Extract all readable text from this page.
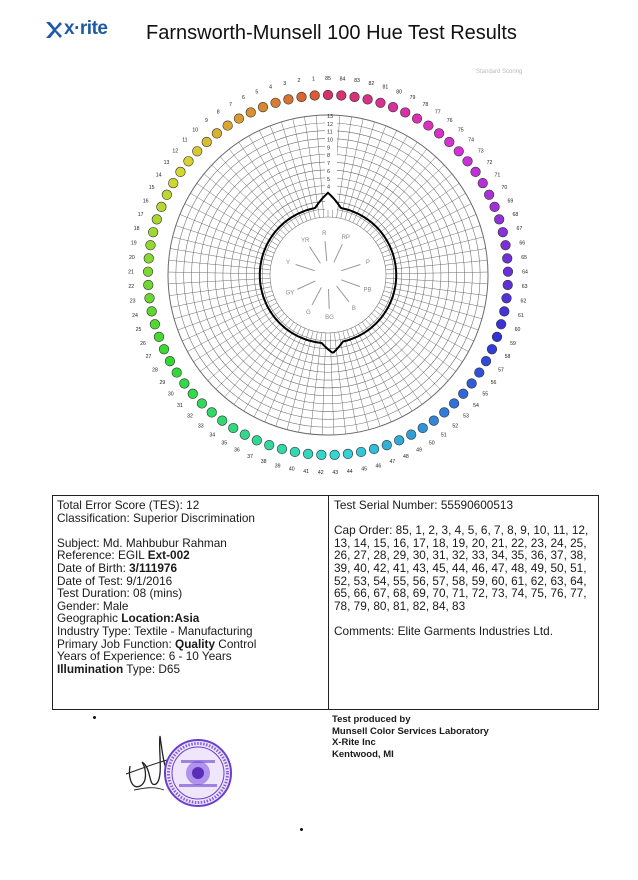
x·rite Farnsworth-Munsell 100 Hue Test Results
Standard Scoring
13
12
11
10
9
8
7
6
5
4
R
RP
P
PB
B
BG
G
GY
Y
YR
85 84 83 82
81
80
79
78
77
76
75
74
73
72
71
70
69
68
67
66
65
64
63
62
61
60
59
58
57
56
55
54
53
52
51
50
49
48
47
46
45
44
43
42
41
40
39
38
37
36
35
34
33
32
31
30
29
28
27
26
25
24
23
22
21
20
19
18
17
16
15
14
13
12
11
10
9
8
7
6
5
4
3 2 1
Total Error Score (TES): 12
Classification: Superior Discrimination
Subject: Md. Mahbubur Rahman
Reference: EGIL Ext-002
Date of Birth: 3/111976
Date of Test: 9/1/2016
Test Duration: 08 (mins)
Gender: Male
Geographic Location:Asia
Industry Type: Textile - Manufacturing
Primary Job Function: Quality Control
Years of Experience: 6 - 10 Years
Illumination Type: D65
Test Serial Number: 55590600513
Cap Order: 85, 1, 2, 3, 4, 5, 6, 7, 8, 9, 10, 11, 12, 13, 14, 15, 16, 17, 18, 19, 20, 21, 22, 23, 24, 25, 26, 27, 28, 29, 30, 31, 32, 33, 34, 35, 36, 37, 38, 39, 40, 42, 41, 43, 45, 44, 46, 47, 48, 49, 50, 51, 52, 53, 54, 55, 56, 57, 58, 59, 60, 61, 62, 63, 64, 65, 66, 67, 68, 69, 70, 71, 72, 73, 74, 75, 76, 77, 78, 79, 80, 81, 82, 84, 83
Comments: Elite Garments Industries Ltd.
Test produced by
Munsell Color Services Laboratory
X-Rite Inc
Kentwood, MI
